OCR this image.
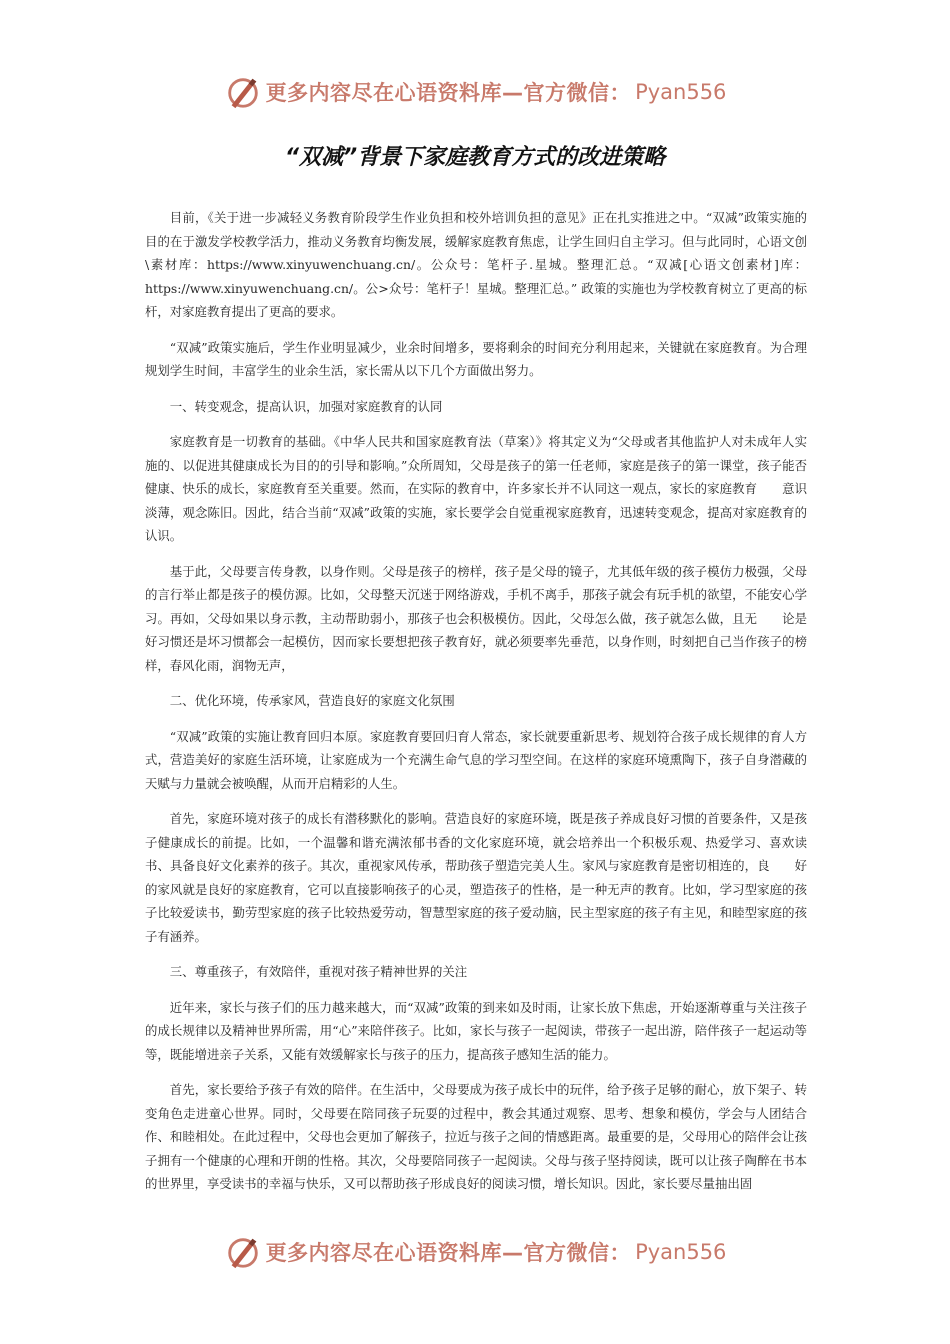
更多内容尽在心语资料库—官方微信： Pyan556
“双减”背景下家庭教育方式的改进策略

目前，《关于进一步减轻义务教育阶段学生作业负担和校外培训负担的意见》正在扎实推进之中。“双减”政策实施的目的在于激发学校教学活力，推动义务教育均衡发展，缓解家庭教育焦虑，让学生回归自主学习。但与此同时，心语文创\素材库：https://www.xinyuwenchuang.cn/。公众号：笔杆子.星城。整理汇总。“双减[心语文创素材]库：https://www.xinyuwenchuang.cn/。公>众号：笔杆子！星城。整理汇总。” 政策的实施也为学校教育树立了更高的标杆，对家庭教育提出了更高的要求。

“双减”政策实施后，学生作业明显减少，业余时间增多，要将剩余的时间充分利用起来，关键就在家庭教育。为合理规划学生时间，丰富学生的业余生活，家长需从以下几个方面做出努力。

一、转变观念，提高认识，加强对家庭教育的认同

家庭教育是一切教育的基础。《中华人民共和国家庭教育法（草案）》将其定义为“父母或者其他监护人对未成年人实施的、以促进其健康成长为目的的引导和影响。”众所周知，父母是孩子的第一任老师，家庭是孩子的第一课堂，孩子能否健康、快乐的成长，家庭教育至关重要。然而，在实际的教育中，许多家长并不认同这一观点，家长的家庭教育　　意识淡薄，观念陈旧。因此，结合当前“双减”政策的实施，家长要学会自觉重视家庭教育，迅速转变观念，提高对家庭教育的认识。

基于此，父母要言传身教，以身作则。父母是孩子的榜样，孩子是父母的镜子，尤其低年级的孩子模仿力极强，父母的言行举止都是孩子的模仿源。比如，父母整天沉迷于网络游戏，手机不离手，那孩子就会有玩手机的欲望，不能安心学习。再如，父母如果以身示教，主动帮助弱小，那孩子也会积极模仿。因此，父母怎么做，孩子就怎么做，且无　　论是好习惯还是坏习惯都会一起模仿，因而家长要想把孩子教育好，就必须要率先垂范，以身作则，时刻把自己当作孩子的榜样，春风化雨，润物无声，

二、优化环境，传承家风，营造良好的家庭文化氛围

“双减”政策的实施让教育回归本原。家庭教育要回归育人常态，家长就要重新思考、规划符合孩子成长规律的育人方式，营造美好的家庭生活环境，让家庭成为一个充满生命气息的学习型空间。在这样的家庭环境熏陶下，孩子自身潜藏的天赋与力量就会被唤醒，从而开启精彩的人生。

首先，家庭环境对孩子的成长有潜移默化的影响。营造良好的家庭环境，既是孩子养成良好习惯的首要条件，又是孩子健康成长的前提。比如，一个温馨和谐充满浓郁书香的文化家庭环境，就会培养出一个积极乐观、热爱学习、喜欢读书、具备良好文化素养的孩子。其次，重视家风传承，帮助孩子塑造完美人生。家风与家庭教育是密切相连的，良　　好的家风就是良好的家庭教育，它可以直接影响孩子的心灵，塑造孩子的性格，是一种无声的教育。比如，学习型家庭的孩子比较爱读书，勤劳型家庭的孩子比较热爱劳动，智慧型家庭的孩子爱动脑，民主型家庭的孩子有主见，和睦型家庭的孩子有涵养。

三、尊重孩子，有效陪伴，重视对孩子精神世界的关注

近年来，家长与孩子们的压力越来越大，而“双减”政策的到来如及时雨，让家长放下焦虑，开始逐渐尊重与关注孩子的成长规律以及精神世界所需，用“心”来陪伴孩子。比如，家长与孩子一起阅读，带孩子一起出游，陪伴孩子一起运动等等，既能增进亲子关系，又能有效缓解家长与孩子的压力，提高孩子感知生活的能力。

首先，家长要给予孩子有效的陪伴。在生活中，父母要成为孩子成长中的玩伴，给予孩子足够的耐心，放下架子、转变角色走进童心世界。同时，父母要在陪同孩子玩耍的过程中，教会其通过观察、思考、想象和模仿，学会与人团结合作、和睦相处。在此过程中，父母也会更加了解孩子，拉近与孩子之间的情感距离。最重要的是，父母用心的陪伴会让孩子拥有一个健康的心理和开朗的性格。其次，父母要陪同孩子一起阅读。父母与孩子坚持阅读，既可以让孩子陶醉在书本的世界里，享受读书的幸福与快乐，又可以帮助孩子形成良好的阅读习惯，增长知识。因此，家长要尽量抽出固

更多内容尽在心语资料库—官方微信： Pyan556
